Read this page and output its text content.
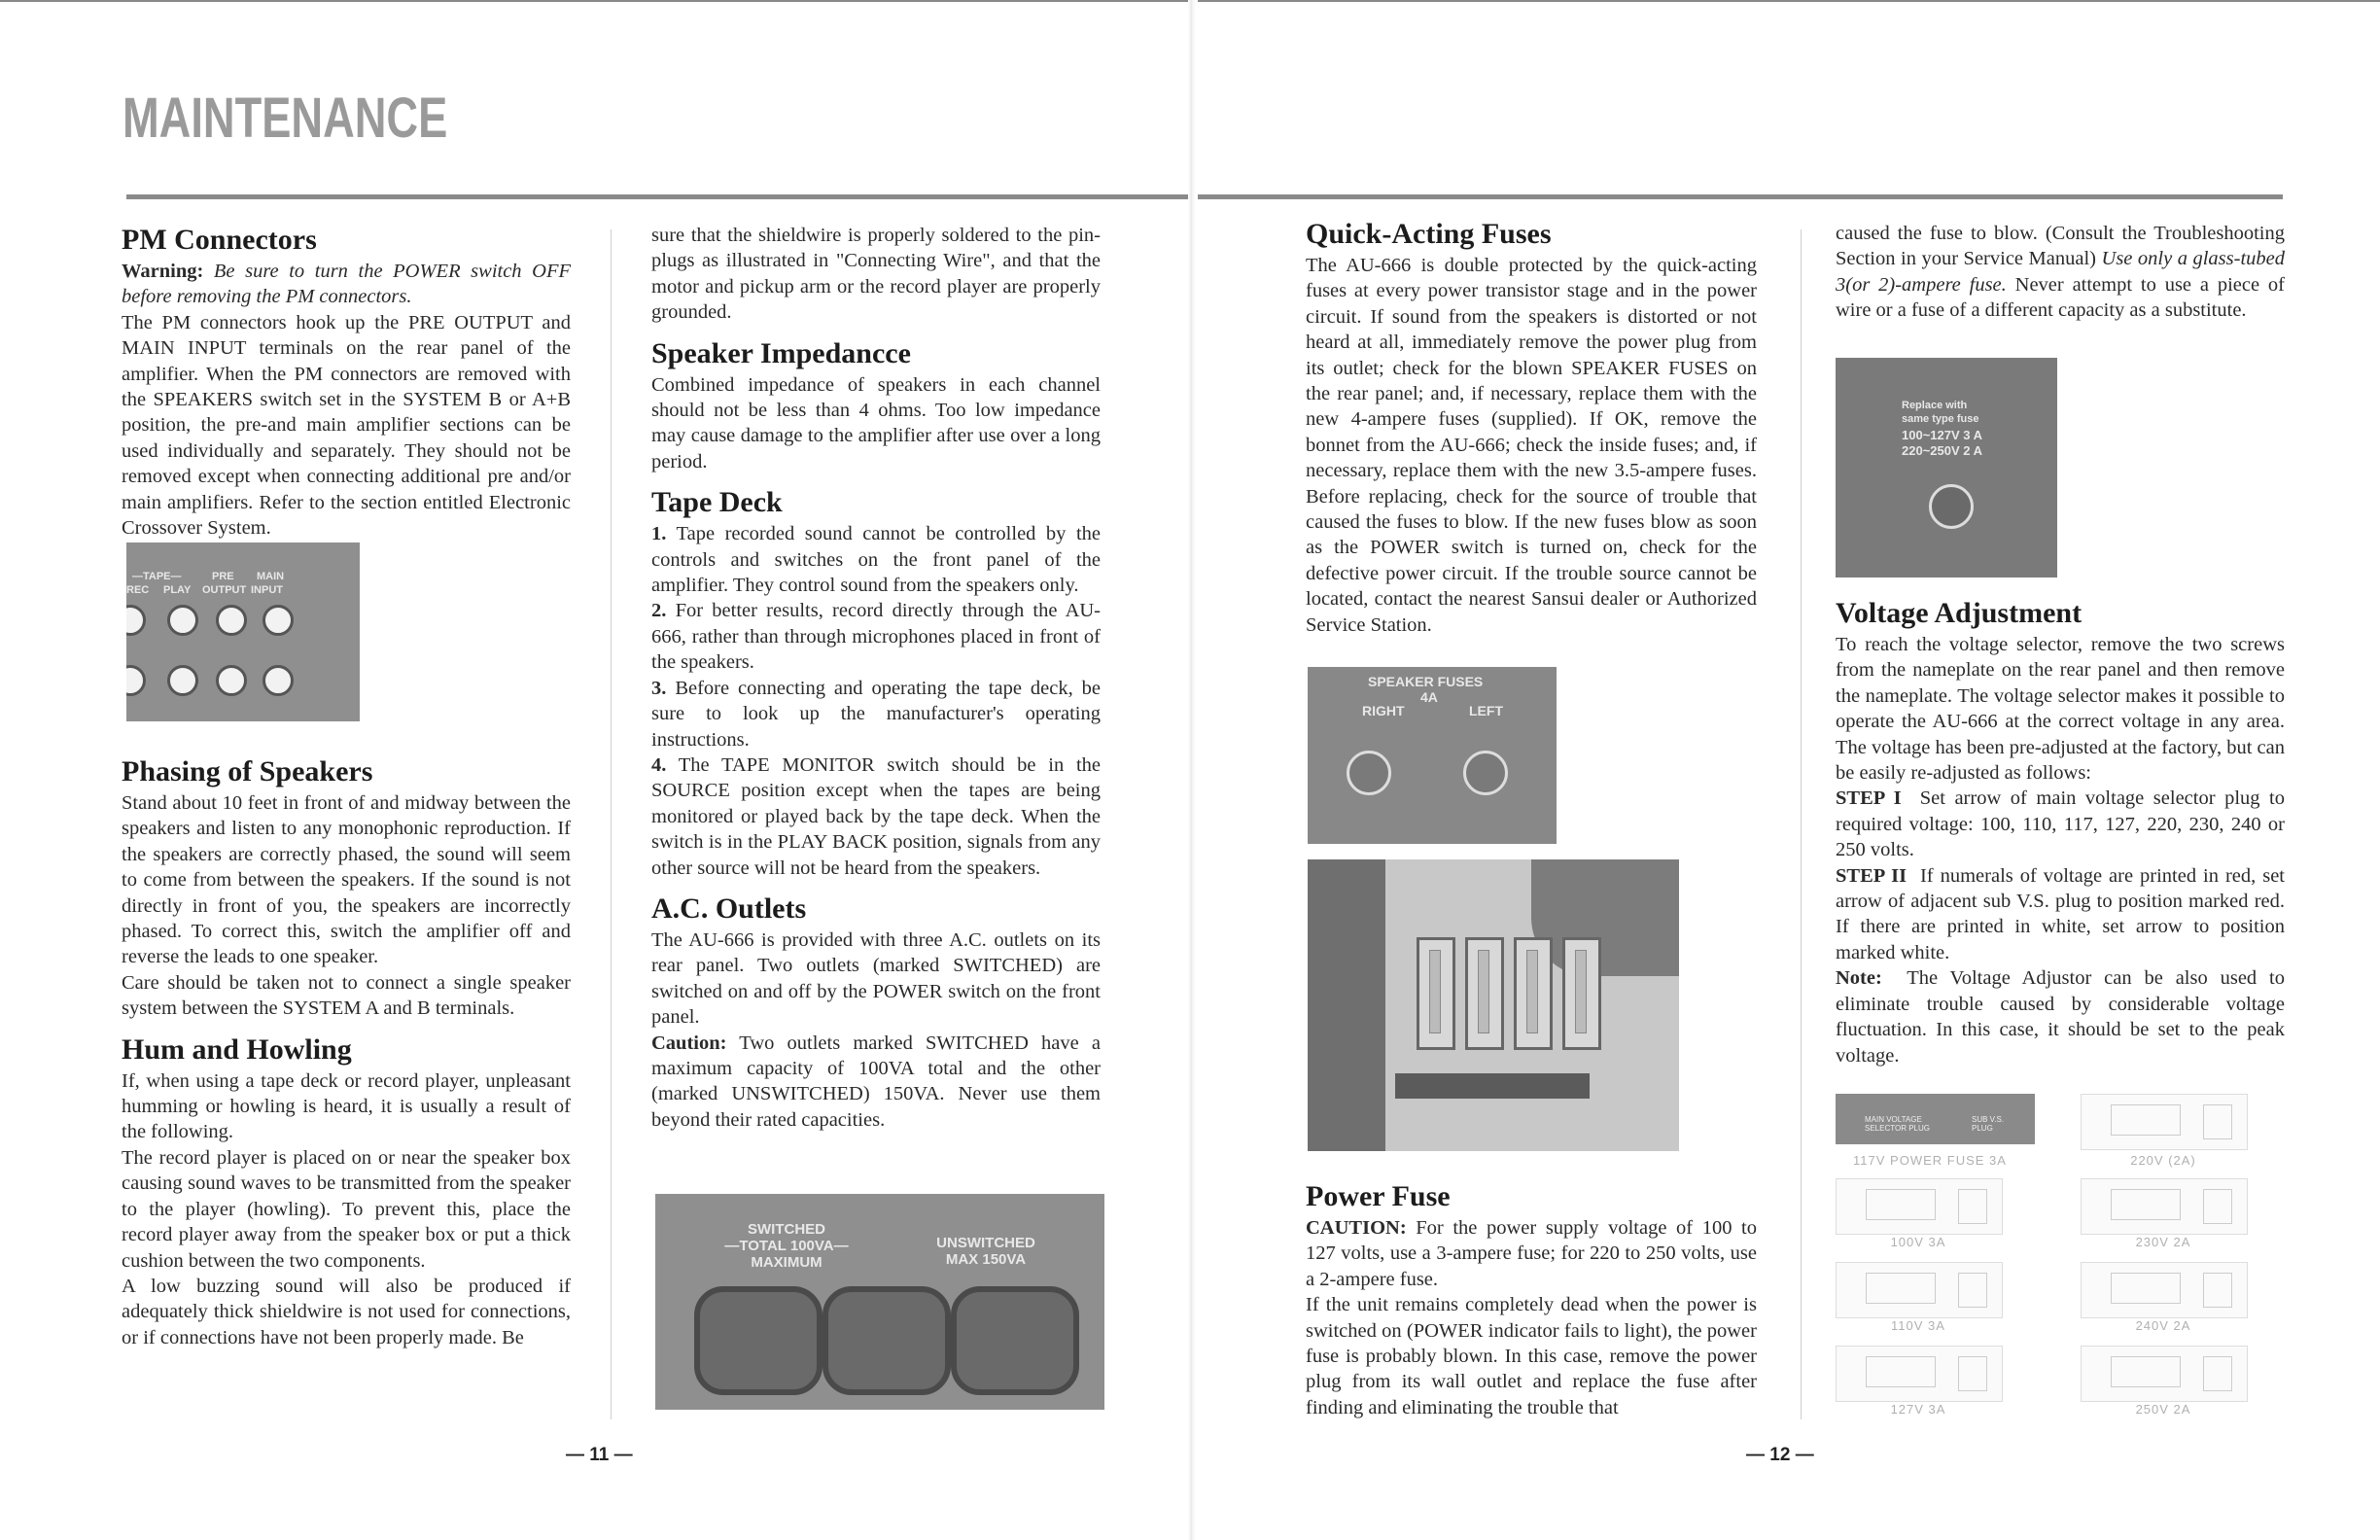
MAINTENANCE
PM Connectors

Warning: Be sure to turn the POWER switch OFF before removing the PM connectors.

The PM connectors hook up the PRE OUTPUT and MAIN INPUT terminals on the rear panel of the amplifier. When the PM connectors are removed with the SPEAKERS switch set in the SYSTEM B or A+B position, the pre-and main amplifier sections can be used individually and separately. They should not be removed except when connecting additional pre and/or main amplifiers. Refer to the section entitled Electronic Crossover System.

—TAPE—	PRE MAIN
REC PLAY OUTPUT INPUT
Phasing of Speakers

Stand about 10 feet in front of and midway between the speakers and listen to any monophonic reproduction. If the speakers are correctly phased, the sound will seem to come from between the speakers. If the sound is not directly in front of you, the speakers are incorrectly phased. To correct this, switch the amplifier off and reverse the leads to one speaker.

Care should be taken not to connect a single speaker system between the SYSTEM A and B terminals.

Hum and Howling

If, when using a tape deck or record player, unpleasant humming or howling is heard, it is usually a result of the following.

The record player is placed on or near the speaker box causing sound waves to be transmitted from the speaker to the player (howling). To prevent this, place the record player away from the speaker box or put a thick cushion between the two components.

A low buzzing sound will also be produced if adequately thick shieldwire is not used for connections, or if connections have not been properly made. Be

sure that the shieldwire is properly soldered to the pin-plugs as illustrated in "Connecting Wire", and that the motor and pickup arm or the record player are properly grounded.

Speaker Impedancce

Combined impedance of speakers in each channel should not be less than 4 ohms. Too low impedance may cause damage to the amplifier after use over a long period.

Tape Deck

1. Tape recorded sound cannot be controlled by the controls and switches on the front panel of the amplifier. They control sound from the speakers only.

2. For better results, record directly through the AU-666, rather than through microphones placed in front of the speakers.

3. Before connecting and operating the tape deck, be sure to look up the manufacturer's operating instructions.

4. The TAPE MONITOR switch should be in the SOURCE position except when the tapes are being monitored or played back by the tape deck. When the switch is in the PLAY BACK position, signals from any other source will not be heard from the speakers.

A.C. Outlets

The AU-666 is provided with three A.C. outlets on its rear panel. Two outlets (marked SWITCHED) are switched on and off by the POWER switch on the front panel.

Caution: Two outlets marked SWITCHED have a maximum capacity of 100VA total and the other (marked UNSWITCHED) 150VA. Never use them beyond their rated capacities.

SWITCHED
—TOTAL 100VA—
MAXIMUM
UNSWITCHED
MAX 150VA
— 11 —
Quick-Acting Fuses

The AU-666 is double protected by the quick-acting fuses at every power transistor stage and in the power circuit. If sound from the speakers is distorted or not heard at all, immediately remove the power plug from its outlet; check for the blown SPEAKER FUSES on the rear panel; and, if necessary, replace them with the new 4-ampere fuses (supplied). If OK, remove the bonnet from the AU-666; check the inside fuses; and, if necessary, replace them with the new 3.5-ampere fuses. Before replacing, check for the source of trouble that caused the fuses to blow. If the new fuses blow as soon as the POWER switch is turned on, check for the defective power circuit. If the trouble source cannot be located, contact the nearest Sansui dealer or Authorized Service Station.

SPEAKER FUSES
4A
RIGHT	LEFT
Power Fuse

CAUTION: For the power supply voltage of 100 to 127 volts, use a 3-ampere fuse; for 220 to 250 volts, use a 2-ampere fuse.

If the unit remains completely dead when the power is switched on (POWER indicator fails to light), the power fuse is probably blown. In this case, remove the power plug from its wall outlet and replace the fuse after finding and eliminating the trouble that

— 12 —

caused the fuse to blow. (Consult the Troubleshooting Section in your Service Manual) Use only a glass-tubed 3(or 2)-ampere fuse. Never attempt to use a piece of wire or a fuse of a different capacity as a substitute.

Replace with
same type fuse
100~127V 3 A
220~250V 2 A
Voltage Adjustment

To reach the voltage selector, remove the two screws from the nameplate on the rear panel and then remove the nameplate. The voltage selector makes it possible to operate the AU-666 at the correct voltage in any area. The voltage has been pre-adjusted at the factory, but can be easily re-adjusted as follows:

STEP I Set arrow of main voltage selector plug to required voltage: 100, 110, 117, 127, 220, 230, 240 or 250 volts.

STEP II If numerals of voltage are printed in red, set arrow of adjacent sub V.S. plug to position marked red. If there are printed in white, set arrow to position marked white.

Note: The Voltage Adjustor can be also used to eliminate trouble caused by considerable voltage fluctuation. In this case, it should be set to the peak voltage.

MAIN VOLTAGE SELECTOR PLUG
SUB V.S. PLUG
117V POWER FUSE 3A	220V (2A)
100V 3A	230V 2A
110V 3A	240V 2A
127V 3A	250V 2A
